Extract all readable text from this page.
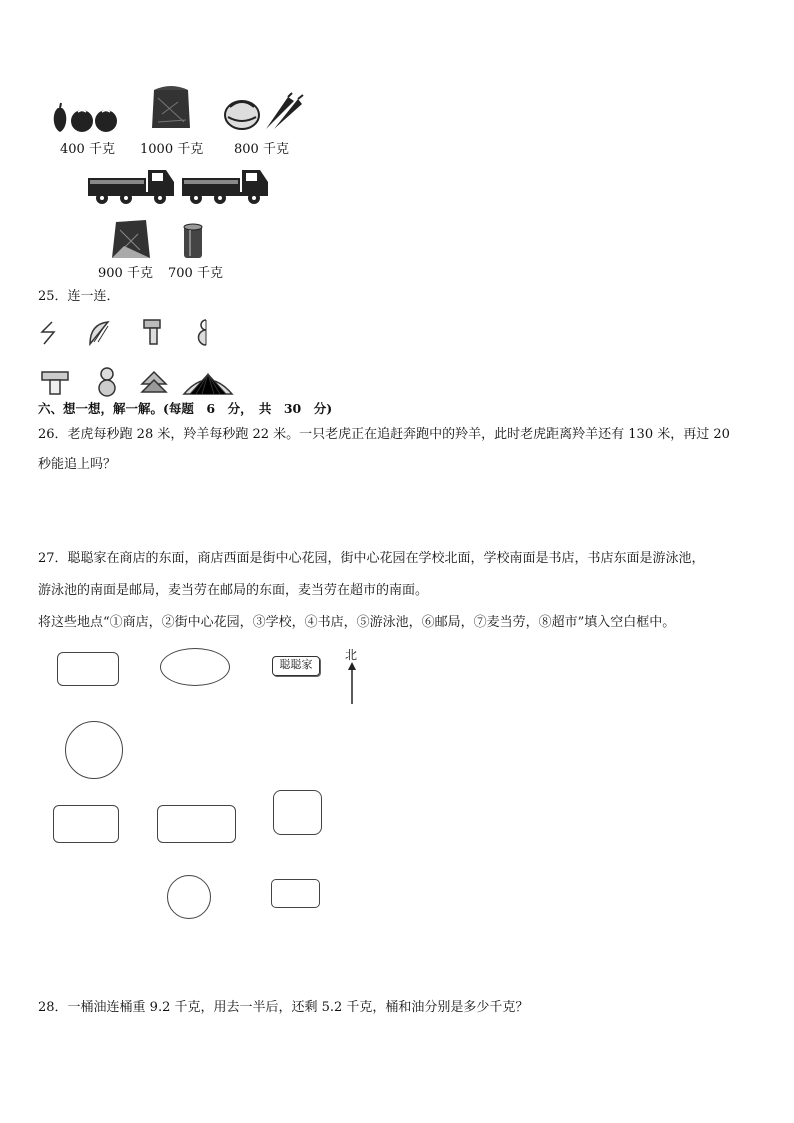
400 千克 1000 千克 800 千克
900 千克 700 千克
25．连一连．
六、想一想，解一解。(每题　6　分，　共　30　分)
26．老虎每秒跑 28 米，羚羊每秒跑 22 米。一只老虎正在追赶奔跑中的羚羊，此时老虎距离羚羊还有 130 米，再过 20
秒能追上吗？
27．聪聪家在商店的东面，商店西面是街中心花园，街中心花园在学校北面，学校南面是书店，书店东面是游泳池，
游泳池的南面是邮局，麦当劳在邮局的东面，麦当劳在超市的南面。
将这些地点“①商店，②街中心花园，③学校，④书店，⑤游泳池，⑥邮局，⑦麦当劳，⑧超市”填入空白框中。
聪聪家
北
28．一桶油连桶重 9.2 千克，用去一半后，还剩 5.2 千克，桶和油分别是多少千克？
